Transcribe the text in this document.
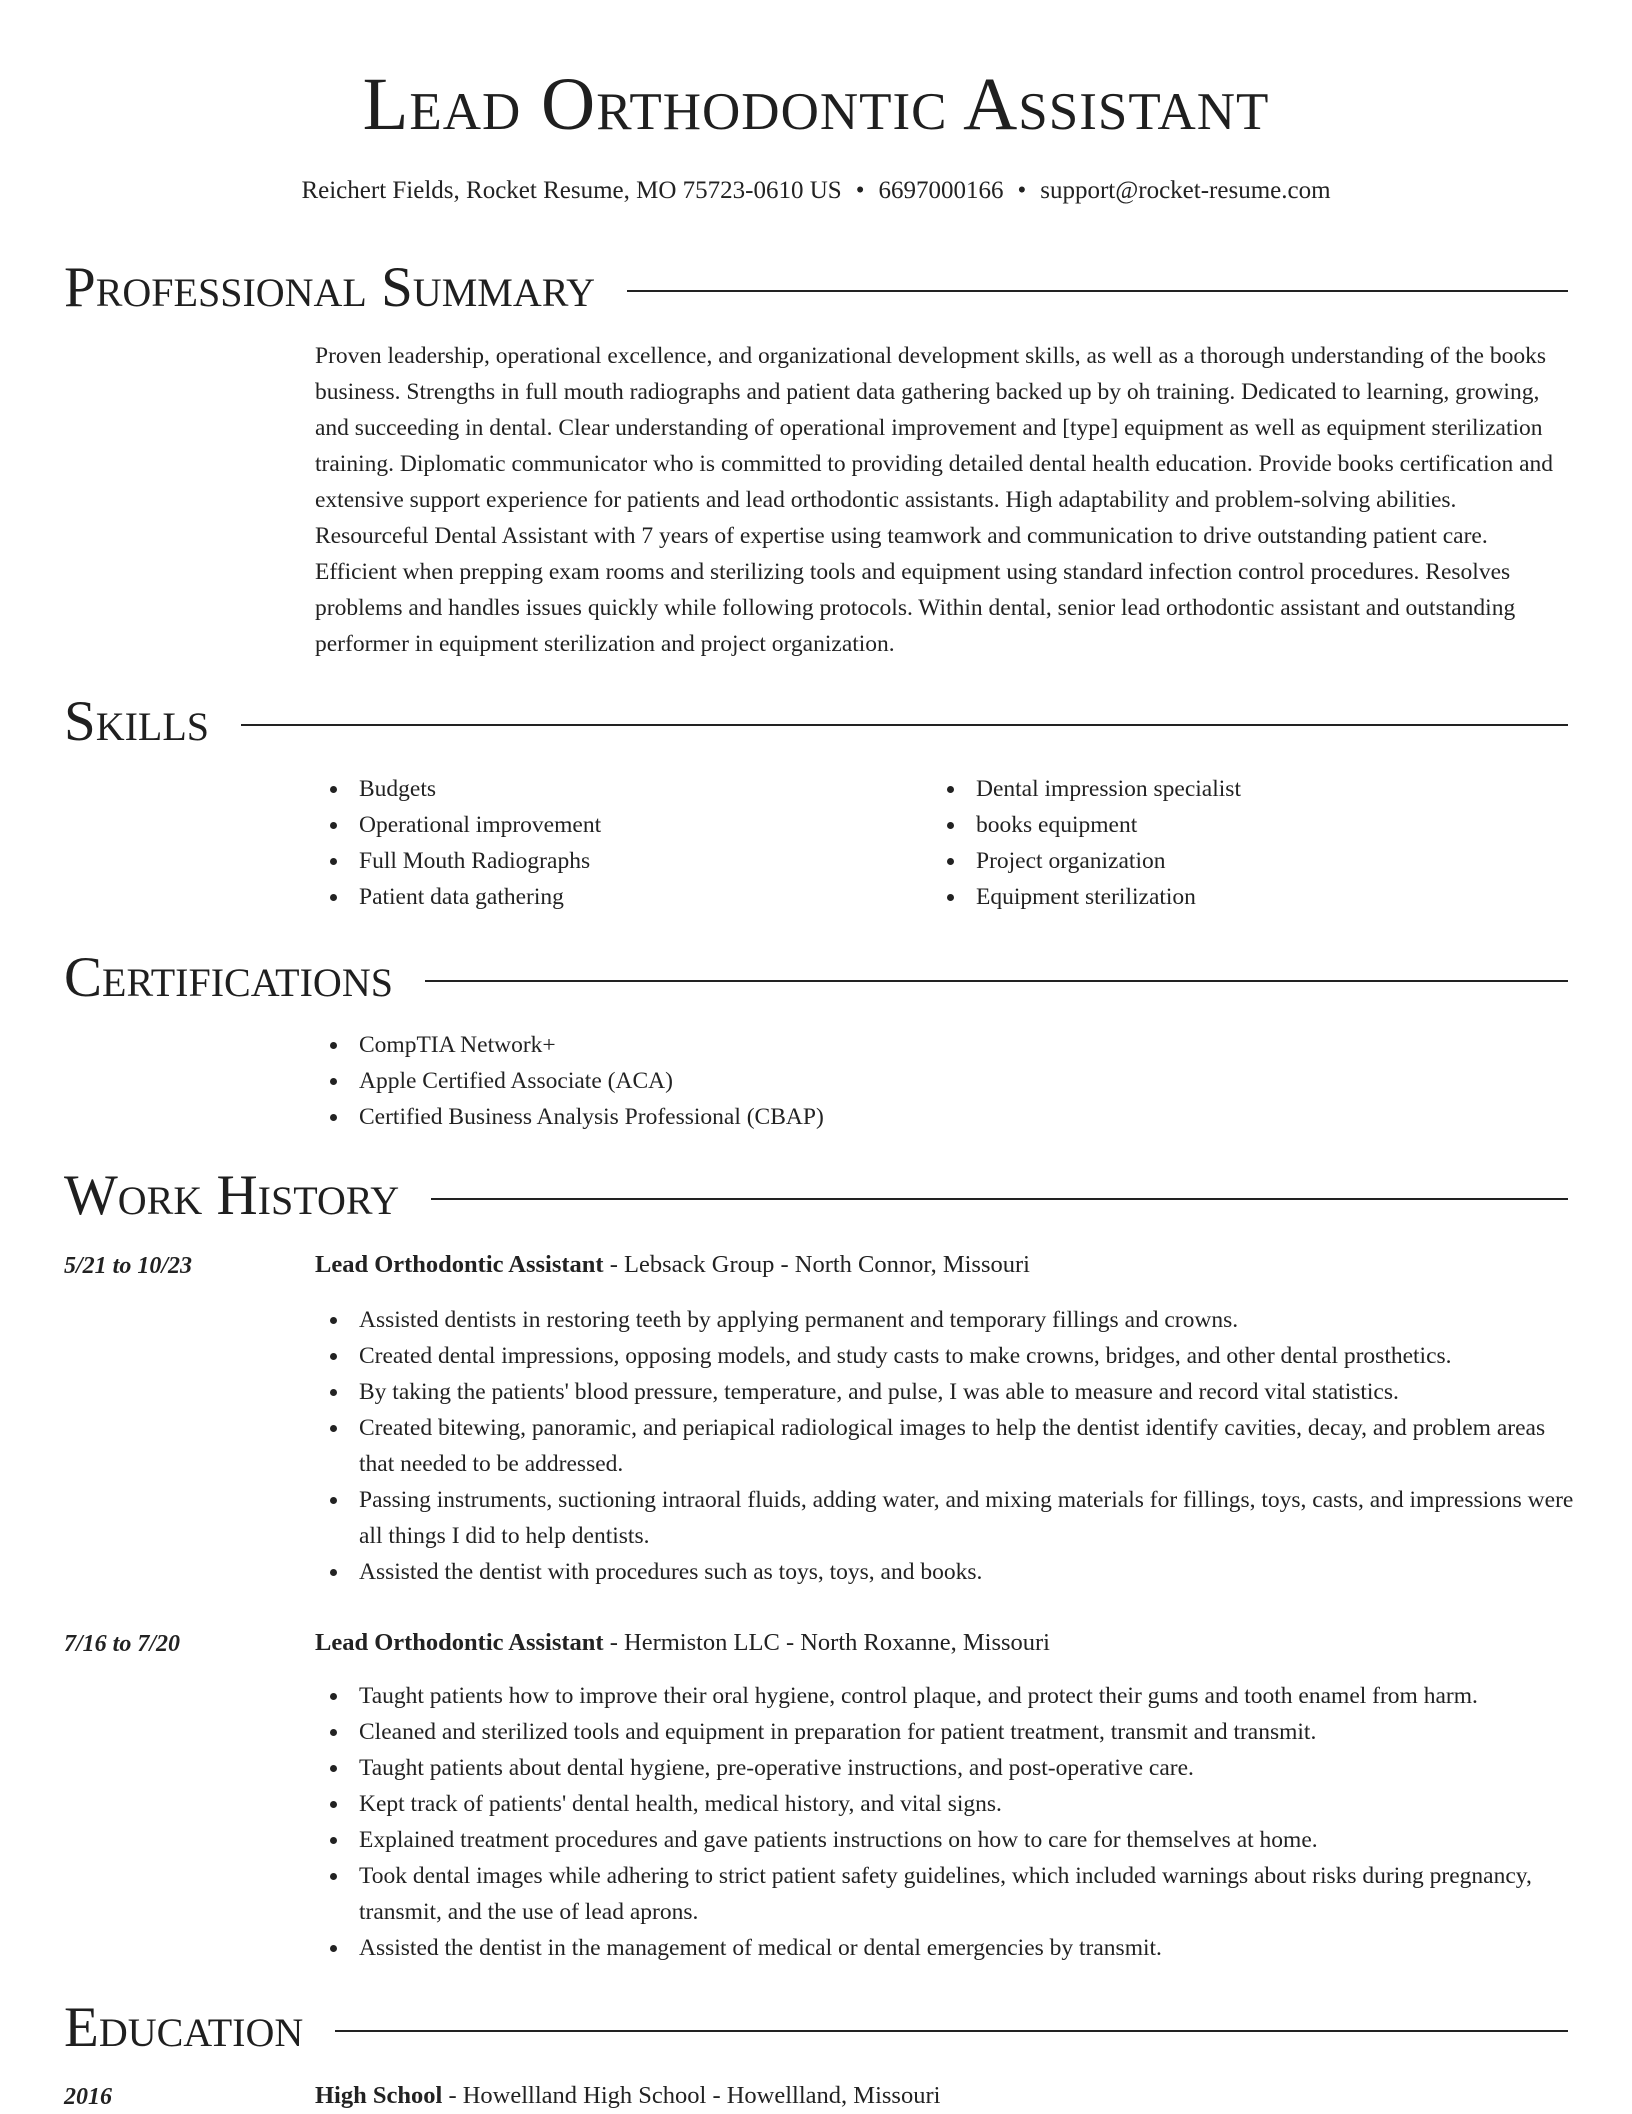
Lead Orthodontic Assistant
Reichert Fields, Rocket Resume, MO 75723-0610 US • 6697000166 • support@rocket-resume.com
Professional Summary

Proven leadership, operational excellence, and organizational development skills, as well as a thorough understanding of the books business. Strengths in full mouth radiographs and patient data gathering backed up by oh training. Dedicated to learning, growing, and succeeding in dental. Clear understanding of operational improvement and [type] equipment as well as equipment sterilization training. Diplomatic communicator who is committed to providing detailed dental health education. Provide books certification and extensive support experience for patients and lead orthodontic assistants. High adaptability and problem-solving abilities. Resourceful Dental Assistant with 7 years of expertise using teamwork and communication to drive outstanding patient care. Efficient when prepping exam rooms and sterilizing tools and equipment using standard infection control procedures. Resolves problems and handles issues quickly while following protocols. Within dental, senior lead orthodontic assistant and outstanding performer in equipment sterilization and project organization.

Skills
Budgets
Operational improvement
Full Mouth Radiographs
Patient data gathering
Dental impression specialist
books equipment
Project organization
Equipment sterilization
Certifications
CompTIA Network+
Apple Certified Associate (ACA)
Certified Business Analysis Professional (CBAP)
Work History
5/21 to 10/23	Lead Orthodontic Assistant - Lebsack Group - North Connor, Missouri
Assisted dentists in restoring teeth by applying permanent and temporary fillings and crowns.
Created dental impressions, opposing models, and study casts to make crowns, bridges, and other dental prosthetics.
By taking the patients' blood pressure, temperature, and pulse, I was able to measure and record vital statistics.
Created bitewing, panoramic, and periapical radiological images to help the dentist identify cavities, decay, and problem areas that needed to be addressed.
Passing instruments, suctioning intraoral fluids, adding water, and mixing materials for fillings, toys, casts, and impressions were all things I did to help dentists.
Assisted the dentist with procedures such as toys, toys, and books.
7/16 to 7/20	Lead Orthodontic Assistant - Hermiston LLC - North Roxanne, Missouri
Taught patients how to improve their oral hygiene, control plaque, and protect their gums and tooth enamel from harm.
Cleaned and sterilized tools and equipment in preparation for patient treatment, transmit and transmit.
Taught patients about dental hygiene, pre-operative instructions, and post-operative care.
Kept track of patients' dental health, medical history, and vital signs.
Explained treatment procedures and gave patients instructions on how to care for themselves at home.
Took dental images while adhering to strict patient safety guidelines, which included warnings about risks during pregnancy, transmit, and the use of lead aprons.
Assisted the dentist in the management of medical or dental emergencies by transmit.
Education
2016	High School - Howellland High School - Howellland, Missouri
